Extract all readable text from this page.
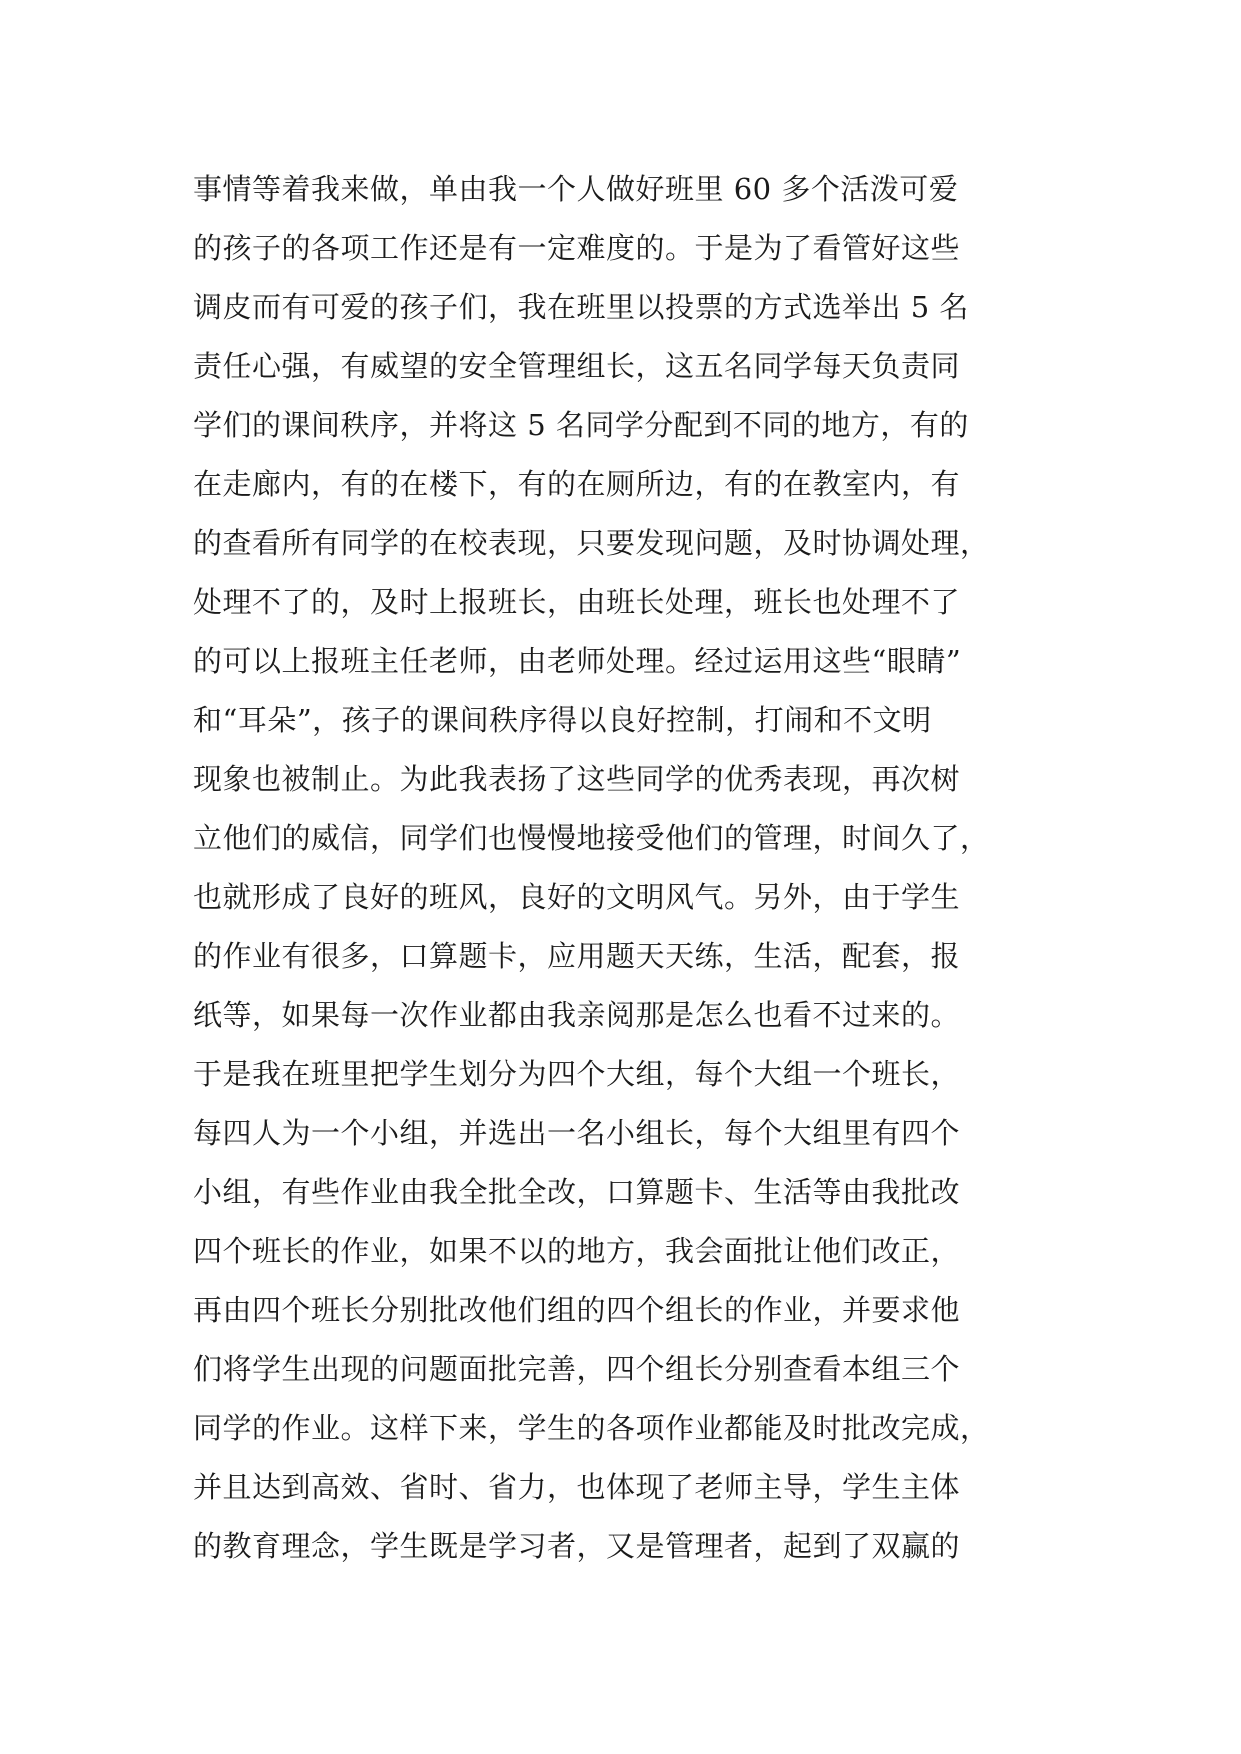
事情等着我来做，单由我一个人做好班里 60 多个活泼可爱
的孩子的各项工作还是有一定难度的。于是为了看管好这些
调皮而有可爱的孩子们，我在班里以投票的方式选举出 5 名
责任心强，有威望的安全管理组长，这五名同学每天负责同
学们的课间秩序，并将这 5 名同学分配到不同的地方，有的
在走廊内，有的在楼下，有的在厕所边，有的在教室内，有
的查看所有同学的在校表现，只要发现问题，及时协调处理，
处理不了的，及时上报班长，由班长处理，班长也处理不了
的可以上报班主任老师，由老师处理。经过运用这些“眼睛”
和“耳朵”，孩子的课间秩序得以良好控制，打闹和不文明
现象也被制止。为此我表扬了这些同学的优秀表现，再次树
立他们的威信，同学们也慢慢地接受他们的管理，时间久了，
也就形成了良好的班风，良好的文明风气。另外，由于学生
的作业有很多，口算题卡，应用题天天练，生活，配套，报
纸等，如果每一次作业都由我亲阅那是怎么也看不过来的。
于是我在班里把学生划分为四个大组，每个大组一个班长，
每四人为一个小组，并选出一名小组长，每个大组里有四个
小组，有些作业由我全批全改，口算题卡、生活等由我批改
四个班长的作业，如果不以的地方，我会面批让他们改正，
再由四个班长分别批改他们组的四个组长的作业，并要求他
们将学生出现的问题面批完善，四个组长分别查看本组三个
同学的作业。这样下来，学生的各项作业都能及时批改完成，
并且达到高效、省时、省力，也体现了老师主导，学生主体
的教育理念，学生既是学习者，又是管理者，起到了双赢的
